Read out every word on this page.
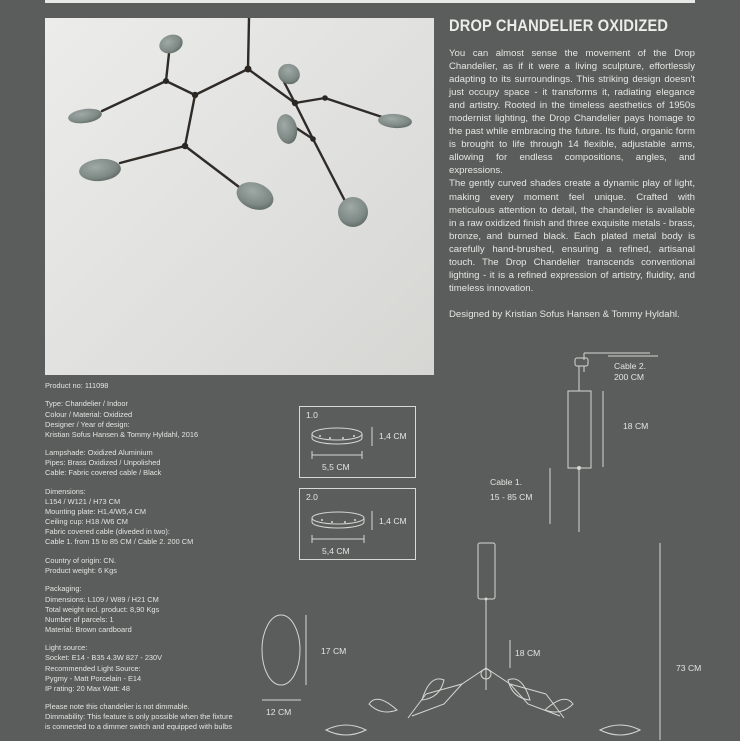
DROP CHANDELIER OXIDIZED

You can almost sense the movement of the Drop Chandelier, as if it were a living sculpture, effortlessly adapting to its surroundings. This striking design doesn't just occupy space - it transforms it, radiating elegance and artistry. Rooted in the timeless aesthetics of 1950s modernist lighting, the Drop Chandelier pays homage to the past while embracing the future. Its fluid, organic form is brought to life through 14 flexible, adjustable arms, allowing for endless compositions, angles, and expressions.

The gently curved shades create a dynamic play of light, making every moment feel unique. Crafted with meticulous attention to detail, the chandelier is available in a raw oxidized finish and three exquisite metals - brass, bronze, and burned black. Each plated metal body is carefully hand-brushed, ensuring a refined, artisanal touch. The Drop Chandelier transcends conventional lighting - it is a refined expression of artistry, fluidity, and timeless innovation.

Designed by Kristian Sofus Hansen & Tommy Hyldahl.

Product no: 111098
Type: Chandelier / Indoor
Colour / Material: Oxidized
Designer / Year of design:
Kristian Sofus Hansen & Tommy Hyldahl, 2016
Lampshade: Oxidized Aluminium
Pipes: Brass Oxidized / Unpolished
Cable: Fabric covered cable / Black
Dimensions:
L154 / W121 / H73 CM
Mounting plate: H1,4/W5,4 CM
Ceiling cup: H18 /W6 CM
Fabric covered cable (diveded in two):
Cable 1. from 15 to 85 CM / Cable 2. 200 CM
Country of origin: CN.
Product weight: 6 Kgs
Packaging:
Dimensions: L109 / W89 / H21 CM
Total weight incl. product: 8,90 Kgs
Number of parcels: 1
Material: Brown cardboard
Light source:
Socket: E14 - B35 4.3W 827 - 230V
Recommended Light Source:
Pygmy - Matt Porcelain - E14
IP rating: 20 Max Watt: 48
Please note this chandelier is not dimmable.
Dimmability: This feature is only possible when the fixture
is connected to a dimmer switch and equipped with bulbs
1.0
5,5 CM
1,4 CM
2.0
5,4 CM
1,4 CM
Cable 2.
200 CM
18 CM
Cable 1.
15 - 85 CM
17 CM
12 CM
18 CM
73 CM
